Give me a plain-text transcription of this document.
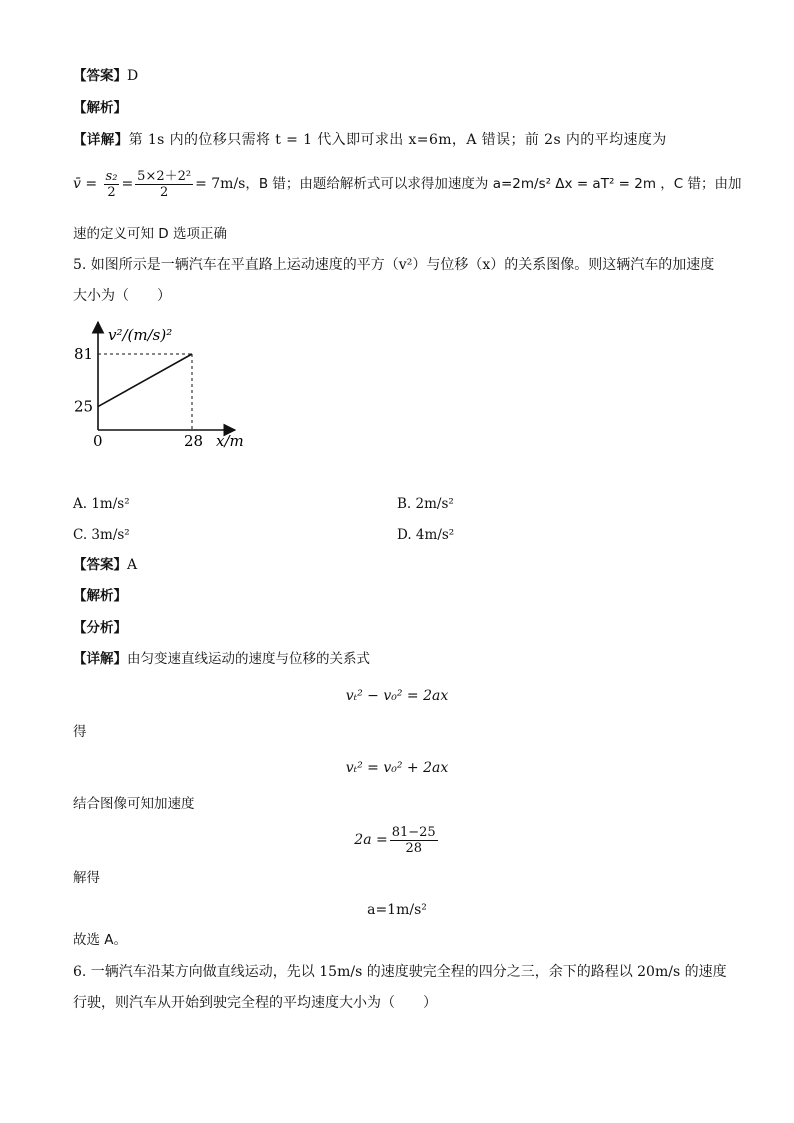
【答案】D
【解析】
【详解】第 1s 内的位移只需将 t = 1 代入即可求出 x=6m，A 错误；前 2s 内的平均速度为
v̄ = $\frac{\text{s₂}}{2} = \frac{\text{5×2＋2²}}{2} = 7m/s$，B 错；由题给解析式可以求得加速度为 a=2m/s² Δx = aT² = 2m ，C 错；由加
速的定义可知 D 选项正确
5. 如图所示是一辆汽车在平直路上运动速度的平方（v²）与位移（x）的关系图像。则这辆汽车的加速度
大小为（　　）
v²/(m/s)²
81
25
0	28 x/m
A. 1m/s²	B. 2m/s²
C. 3m/s²	D. 4m/s²
【答案】A
【解析】
【分析】
【详解】由匀变速直线运动的速度与位移的关系式
vₜ² − v₀² = 2ax
得
vₜ² = v₀² + 2ax
结合图像可知加速度
$2a = \frac{81-25}{28}$
解得
a=1m/s²
故选 A。
6. 一辆汽车沿某方向做直线运动，先以 15m/s 的速度驶完全程的四分之三，余下的路程以 20m/s 的速度
行驶，则汽车从开始到驶完全程的平均速度大小为（　　）
